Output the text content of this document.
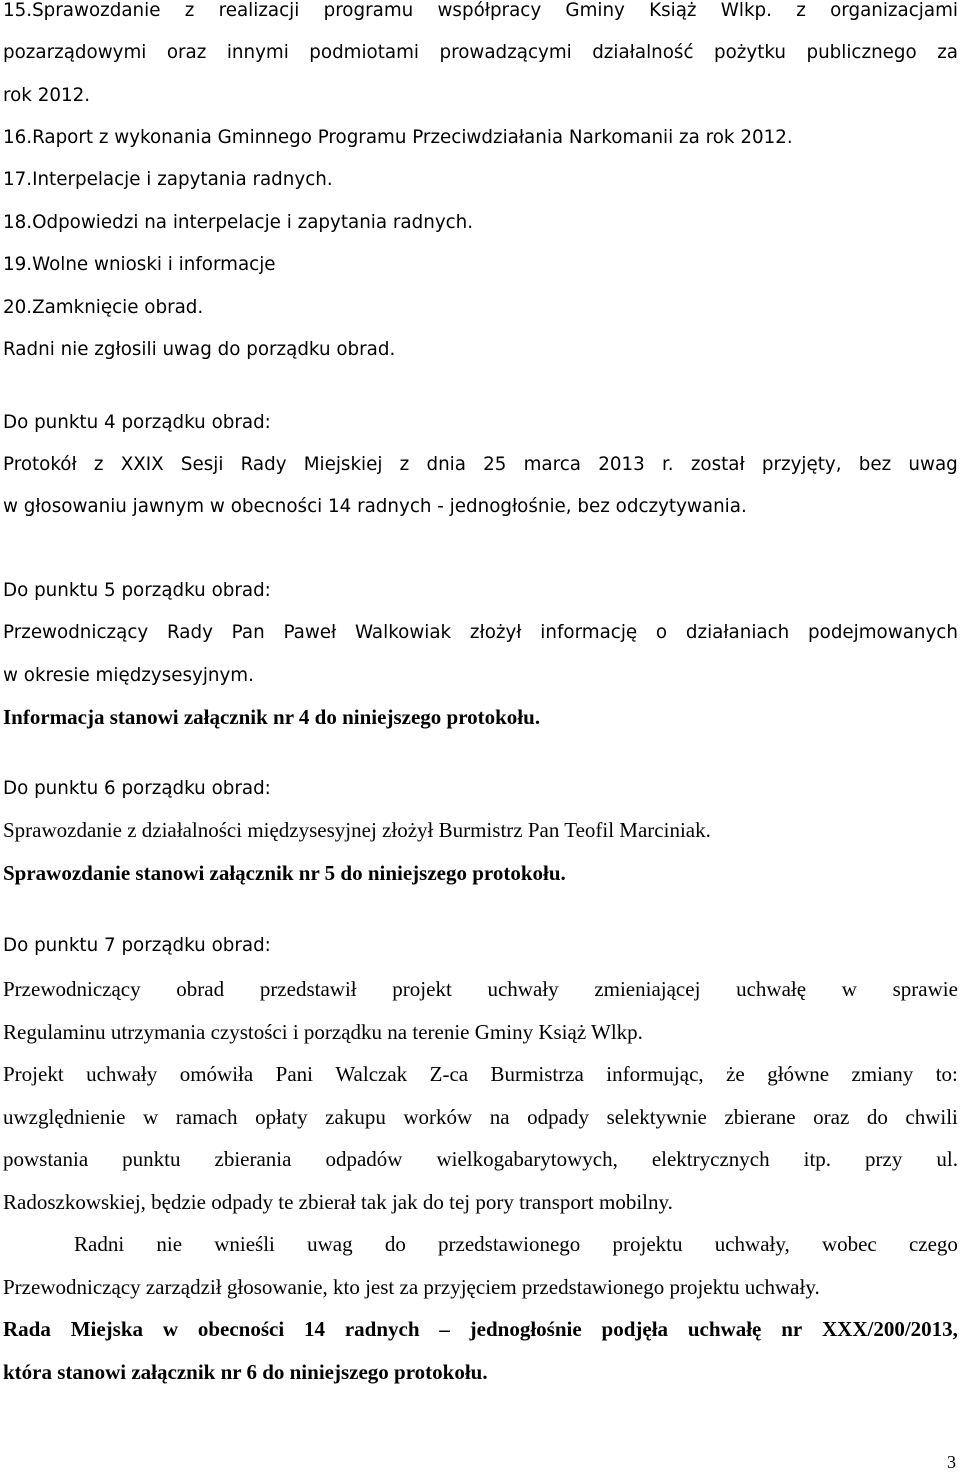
15.Sprawozdanie z realizacji programu współpracy Gminy Książ Wlkp. z organizacjami
pozarządowymi oraz innymi podmiotami prowadzącymi działalność pożytku publicznego za
rok 2012.
16.Raport z wykonania Gminnego Programu Przeciwdziałania Narkomanii za rok 2012.
17.Interpelacje i zapytania radnych.
18.Odpowiedzi na interpelacje i zapytania radnych.
19.Wolne wnioski i informacje
20.Zamknięcie obrad.
Radni nie zgłosili uwag do porządku obrad.
Do punktu 4 porządku obrad:
Protokół z XXIX Sesji Rady Miejskiej z dnia 25 marca 2013 r. został przyjęty, bez uwag
w głosowaniu jawnym w obecności 14 radnych - jednogłośnie, bez odczytywania.
Do punktu 5 porządku obrad:
Przewodniczący Rady Pan Paweł Walkowiak złożył informację o działaniach podejmowanych
w okresie międzysesyjnym.
Informacja stanowi załącznik nr 4 do niniejszego protokołu.
Do punktu 6 porządku obrad:
Sprawozdanie z działalności międzysesyjnej złożył Burmistrz Pan Teofil Marciniak.
Sprawozdanie stanowi załącznik nr 5 do niniejszego protokołu.
Do punktu 7 porządku obrad:
Przewodniczący obrad przedstawił projekt uchwały zmieniającej uchwałę w sprawie
Regulaminu utrzymania czystości i porządku na terenie Gminy Książ Wlkp.
Projekt uchwały omówiła Pani Walczak Z-ca Burmistrza informując, że główne zmiany to:
uwzględnienie w ramach opłaty zakupu worków na odpady selektywnie zbierane oraz do chwili
powstania punktu zbierania odpadów wielkogabarytowych, elektrycznych itp. przy ul.
Radoszkowskiej, będzie odpady te zbierał tak jak do tej pory transport mobilny.
Radni nie wnieśli uwag do przedstawionego projektu uchwały, wobec czego
Przewodniczący zarządził głosowanie, kto jest za przyjęciem przedstawionego projektu uchwały.
Rada Miejska w obecności 14 radnych – jednogłośnie podjęła uchwałę nr XXX/200/2013,
która stanowi załącznik nr 6 do niniejszego protokołu.
3
